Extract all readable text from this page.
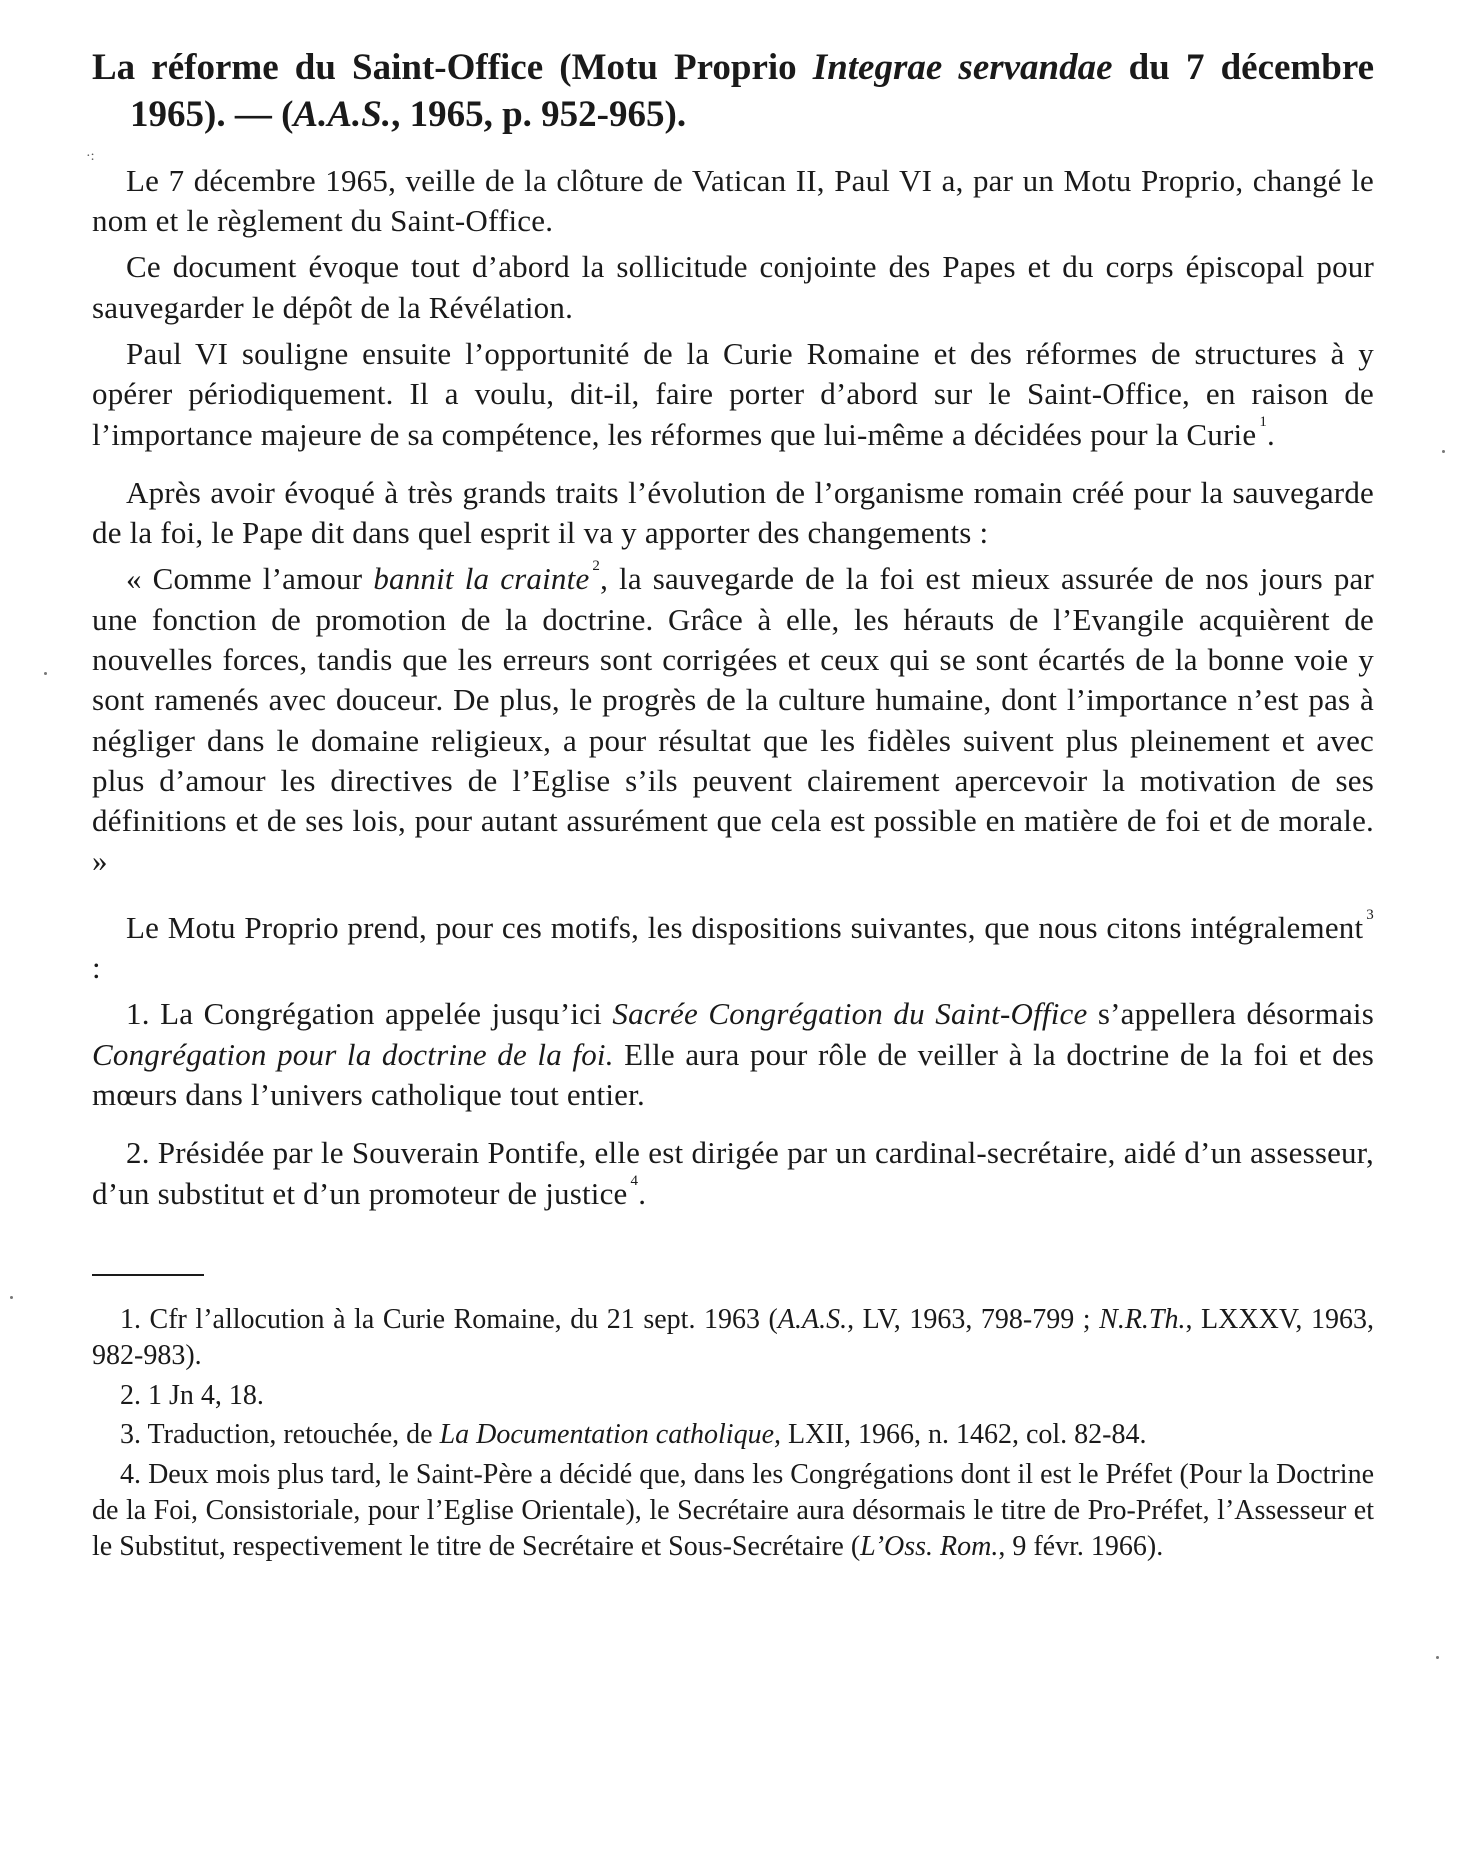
La réforme du Saint-Office (Motu Proprio Integrae servandae du 7 décembre 1965). — (A.A.S., 1965, p. 952-965).

Le 7 décembre 1965, veille de la clôture de Vatican II, Paul VI a, par un Motu Proprio, changé le nom et le règlement du Saint-Office.

Ce document évoque tout d’abord la sollicitude conjointe des Papes et du corps épiscopal pour sauvegarder le dépôt de la Révélation.

Paul VI souligne ensuite l’opportunité de la Curie Romaine et des réformes de structures à y opérer périodiquement. Il a voulu, dit-il, faire porter d’abord sur le Saint-Office, en raison de l’importance majeure de sa compétence, les réformes que lui-même a décidées pour la Curie $^1$.

Après avoir évoqué à très grands traits l’évolution de l’organisme romain créé pour la sauvegarde de la foi, le Pape dit dans quel esprit il va y apporter des changements :

« Comme l’amour bannit la crainte $^2$, la sauvegarde de la foi est mieux assurée de nos jours par une fonction de promotion de la doctrine. Grâce à elle, les hérauts de l’Evangile acquièrent de nouvelles forces, tandis que les erreurs sont corrigées et ceux qui se sont écartés de la bonne voie y sont ramenés avec douceur. De plus, le progrès de la culture humaine, dont l’importance n’est pas à négliger dans le domaine religieux, a pour résultat que les fidèles suivent plus pleinement et avec plus d’amour les directives de l’Eglise s’ils peuvent clairement apercevoir la motivation de ses définitions et de ses lois, pour autant assurément que cela est possible en matière de foi et de morale. »

Le Motu Proprio prend, pour ces motifs, les dispositions suivantes, que nous citons intégralement $^3$ :

1. La Congrégation appelée jusqu’ici Sacrée Congrégation du Saint-Office s’appellera désormais Congrégation pour la doctrine de la foi. Elle aura pour rôle de veiller à la doctrine de la foi et des mœurs dans l’univers catholique tout entier.

2. Présidée par le Souverain Pontife, elle est dirigée par un cardinal-secrétaire, aidé d’un assesseur, d’un substitut et d’un promoteur de justice $^4$.

1. Cfr l’allocution à la Curie Romaine, du 21 sept. 1963 (A.A.S., LV, 1963, 798-799 ; N.R.Th., LXXXV, 1963, 982-983).

2. 1 Jn 4, 18.

3. Traduction, retouchée, de La Documentation catholique, LXII, 1966, n. 1462, col. 82-84.

4. Deux mois plus tard, le Saint-Père a décidé que, dans les Congrégations dont il est le Préfet (Pour la Doctrine de la Foi, Consistoriale, pour l’Eglise Orientale), le Secrétaire aura désormais le titre de Pro-Préfet, l’Assesseur et le Substitut, respectivement le titre de Secrétaire et Sous-Secrétaire (L’Oss. Rom., 9 févr. 1966).

·:
